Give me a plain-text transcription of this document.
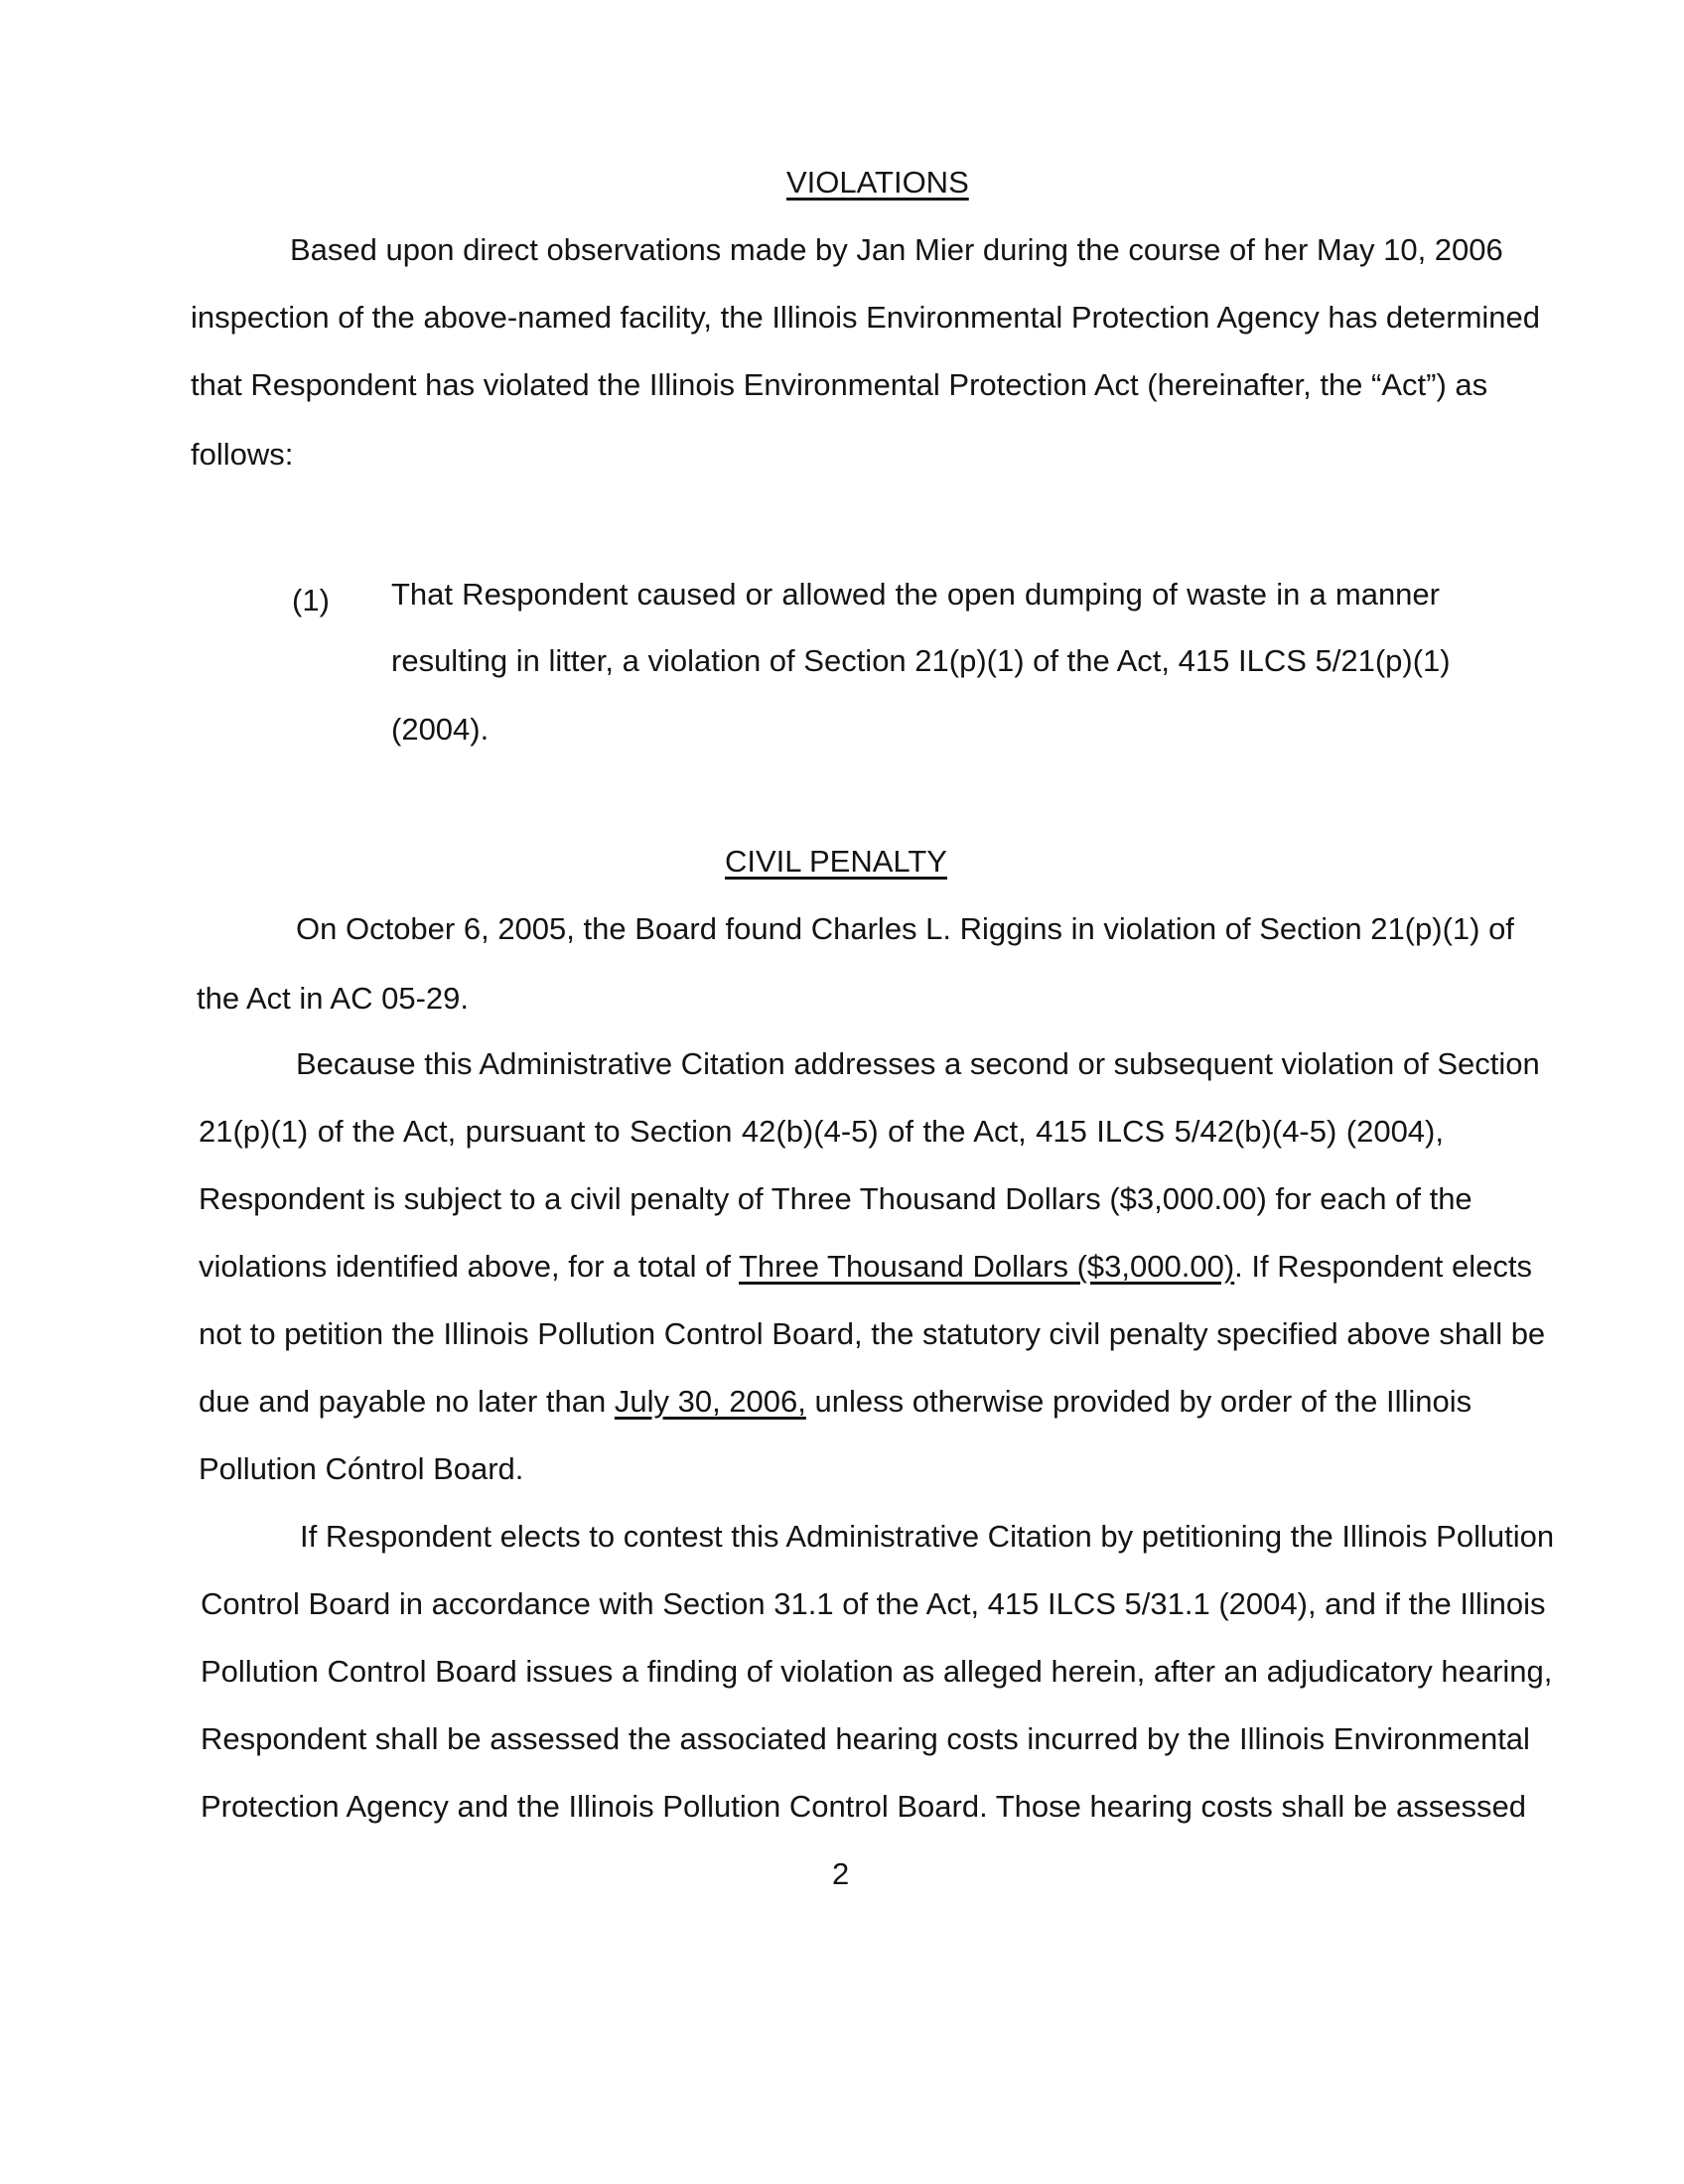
VIOLATIONS
Based upon direct observations made by Jan Mier during the course of her May 10, 2006
inspection of the above-named facility, the Illinois Environmental Protection Agency has determined
that Respondent has violated the Illinois Environmental Protection Act (hereinafter, the “Act”) as
follows:
(1) That Respondent caused or allowed the open dumping of waste in a manner
resulting in litter, a violation of Section 21(p)(1) of the Act, 415 ILCS 5/21(p)(1)
(2004).
CIVIL PENALTY
On October 6, 2005, the Board found Charles L. Riggins in violation of Section 21(p)(1) of
the Act in AC 05-29.
Because this Administrative Citation addresses a second or subsequent violation of Section
21(p)(1) of the Act, pursuant to Section 42(b)(4-5) of the Act, 415 ILCS 5/42(b)(4-5) (2004),
Respondent is subject to a civil penalty of Three Thousand Dollars ($3,000.00) for each of the
violations identified above, for a total of Three Thousand Dollars ($3,000.00). If Respondent elects
not to petition the Illinois Pollution Control Board, the statutory civil penalty specified above shall be
due and payable no later than July 30, 2006, unless otherwise provided by order of the Illinois
Pollution Cóntrol Board.
If Respondent elects to contest this Administrative Citation by petitioning the Illinois Pollution
Control Board in accordance with Section 31.1 of the Act, 415 ILCS 5/31.1 (2004), and if the Illinois
Pollution Control Board issues a finding of violation as alleged herein, after an adjudicatory hearing,
Respondent shall be assessed the associated hearing costs incurred by the Illinois Environmental
Protection Agency and the Illinois Pollution Control Board. Those hearing costs shall be assessed
2
